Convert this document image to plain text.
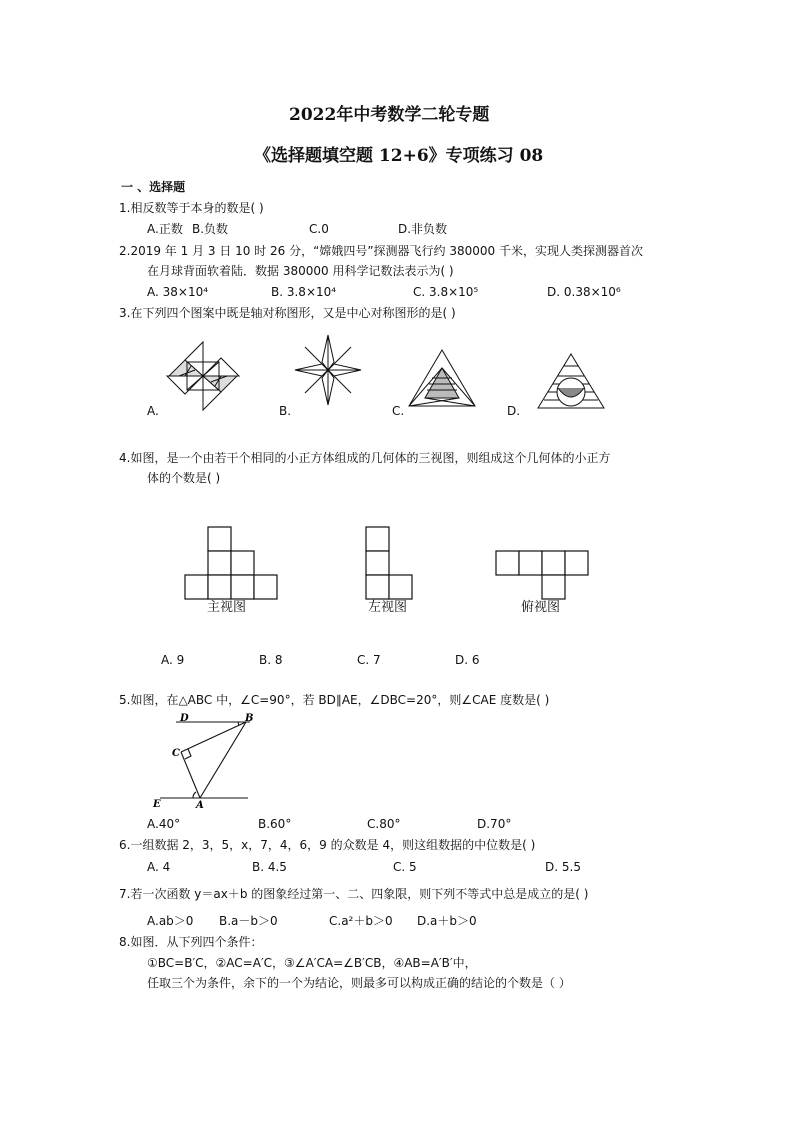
2022年中考数学二轮专题
《选择题填空题 12+6》专项练习 08
一 、选择题
1.相反数等于本身的数是( )
A.正数 B.负数	C.0	D.非负数
2.2019 年 1 月 3 日 10 时 26 分，“嫦娥四号”探测器飞行约 380000 千米，实现人类探测器首次
在月球背面软着陆．数据 380000 用科学记数法表示为( )
A. 38×10⁴	B. 3.8×10⁴	C. 3.8×10⁵	D. 0.38×10⁶
3.在下列四个图案中既是轴对称图形，又是中心对称图形的是( )
A.	B.	C.	D.
4.如图，是一个由若干个相同的小正方体组成的几何体的三视图，则组成这个几何体的小正方
体的个数是( )
主视图	左视图	俯视图
A. 9	B. 8	C. 7	D. 6
5.如图，在△ABC 中，∠C=90°，若 BD∥AE，∠DBC=20°，则∠CAE 度数是( )
D	B
C
E	A
A.40°	B.60°	C.80°	D.70°
6.一组数据 2，3，5，x，7，4，6，9 的众数是 4，则这组数据的中位数是( )
A. 4	B. 4.5	C. 5	D. 5.5
7.若一次函数 y＝ax＋b 的图象经过第一、二、四象限，则下列不等式中总是成立的是( )
A.ab＞0 B.a－b＞0	C.a²＋b＞0 D.a＋b＞0
8.如图．从下列四个条件：
①BC=B′C，②AC=A′C，③∠A′CA=∠B′CB，④AB=A′B′中，
任取三个为条件，余下的一个为结论，则最多可以构成正确的结论的个数是（ ）
